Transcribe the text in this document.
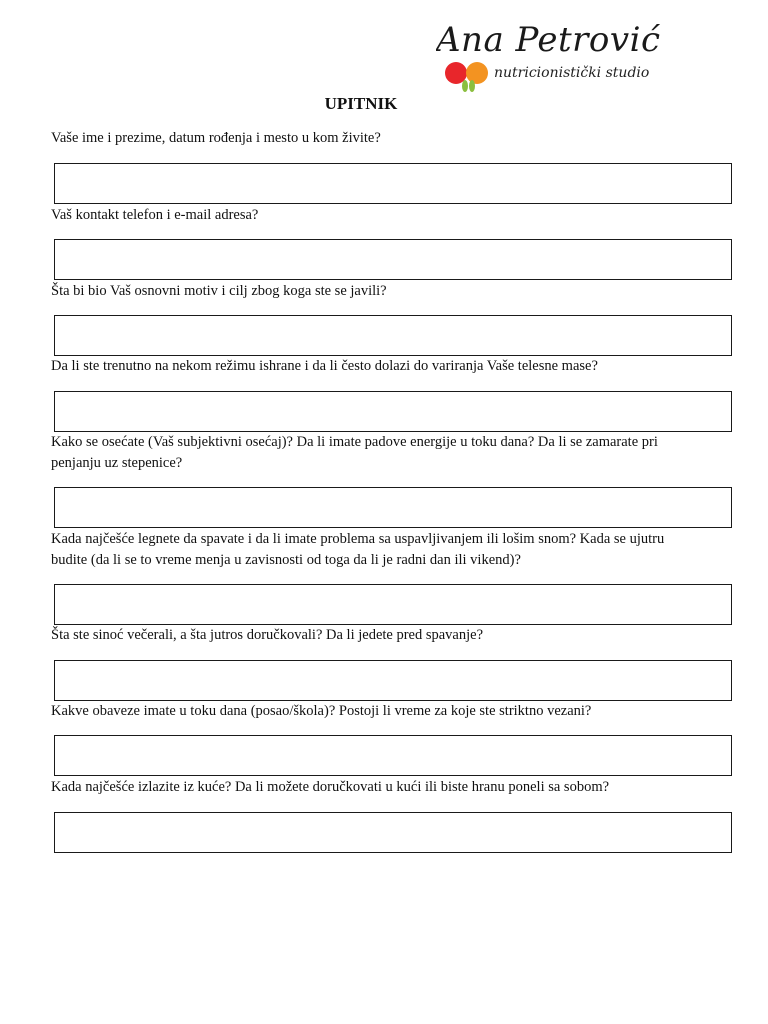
Ana Petrović
nutricionistički studio
UPITNIK
Vaše ime i prezime, datum rođenja i mesto u kom živite?
Vaš kontakt telefon i e-mail adresa?
Šta bi bio Vaš osnovni motiv i cilj zbog koga ste se javili?
Da li ste trenutno na nekom režimu ishrane i da li često dolazi do variranja Vaše telesne mase?
Kako se osećate (Vaš subjektivni osećaj)? Da li imate padove energije u toku dana? Da li se zamarate pri penjanju uz stepenice?
Kada najčešće legnete da spavate i da li imate problema sa uspavljivanjem ili lošim snom? Kada se ujutru budite (da li se to vreme menja u zavisnosti od toga da li je radni dan ili vikend)?
Šta ste sinoć večerali, a šta jutros doručkovali? Da li jedete pred spavanje?
Kakve obaveze imate u toku dana (posao/škola)? Postoji li vreme za koje ste striktno vezani?
Kada najčešće izlazite iz kuće? Da li možete doručkovati u kući ili biste hranu poneli sa sobom?
